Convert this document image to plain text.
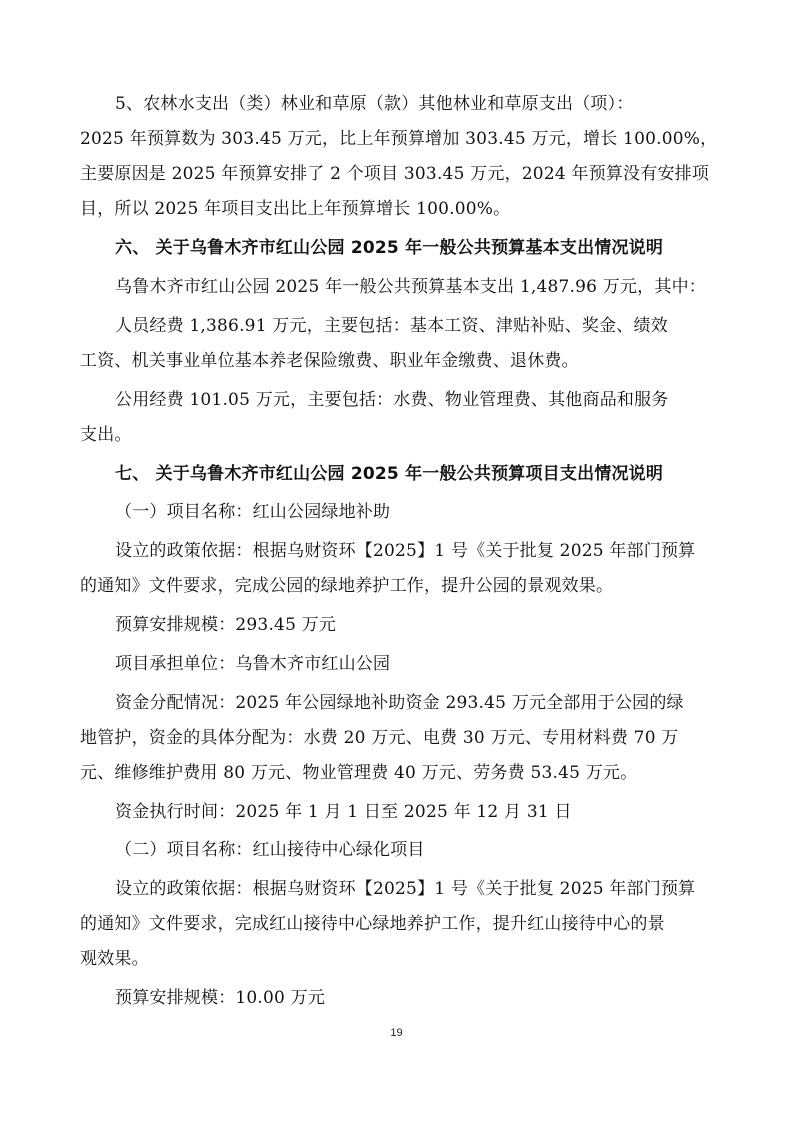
5、农林水支出（类）林业和草原（款）其他林业和草原支出（项）：

2025 年预算数为 303.45 万元，比上年预算增加 303.45 万元，增长 100.00%，

主要原因是 2025 年预算安排了 2 个项目 303.45 万元，2024 年预算没有安排项

目，所以 2025 年项目支出比上年预算增长 100.00%。

六、 关于乌鲁木齐市红山公园 2025 年一般公共预算基本支出情况说明

乌鲁木齐市红山公园 2025 年一般公共预算基本支出 1,487.96 万元，其中：

人员经费 1,386.91 万元，主要包括：基本工资、津贴补贴、奖金、绩效

工资、机关事业单位基本养老保险缴费、职业年金缴费、退休费。

公用经费 101.05 万元，主要包括：水费、物业管理费、其他商品和服务

支出。

七、 关于乌鲁木齐市红山公园 2025 年一般公共预算项目支出情况说明

（一）项目名称：红山公园绿地补助

设立的政策依据：根据乌财资环【2025】1 号《关于批复 2025 年部门预算

的通知》文件要求，完成公园的绿地养护工作，提升公园的景观效果。

预算安排规模：293.45 万元

项目承担单位：乌鲁木齐市红山公园

资金分配情况：2025 年公园绿地补助资金 293.45 万元全部用于公园的绿

地管护，资金的具体分配为：水费 20 万元、电费 30 万元、专用材料费 70 万

元、维修维护费用 80 万元、物业管理费 40 万元、劳务费 53.45 万元。

资金执行时间：2025 年 1 月 1 日至 2025 年 12 月 31 日

（二）项目名称：红山接待中心绿化项目

设立的政策依据：根据乌财资环【2025】1 号《关于批复 2025 年部门预算

的通知》文件要求，完成红山接待中心绿地养护工作，提升红山接待中心的景

观效果。

预算安排规模：10.00 万元

19
